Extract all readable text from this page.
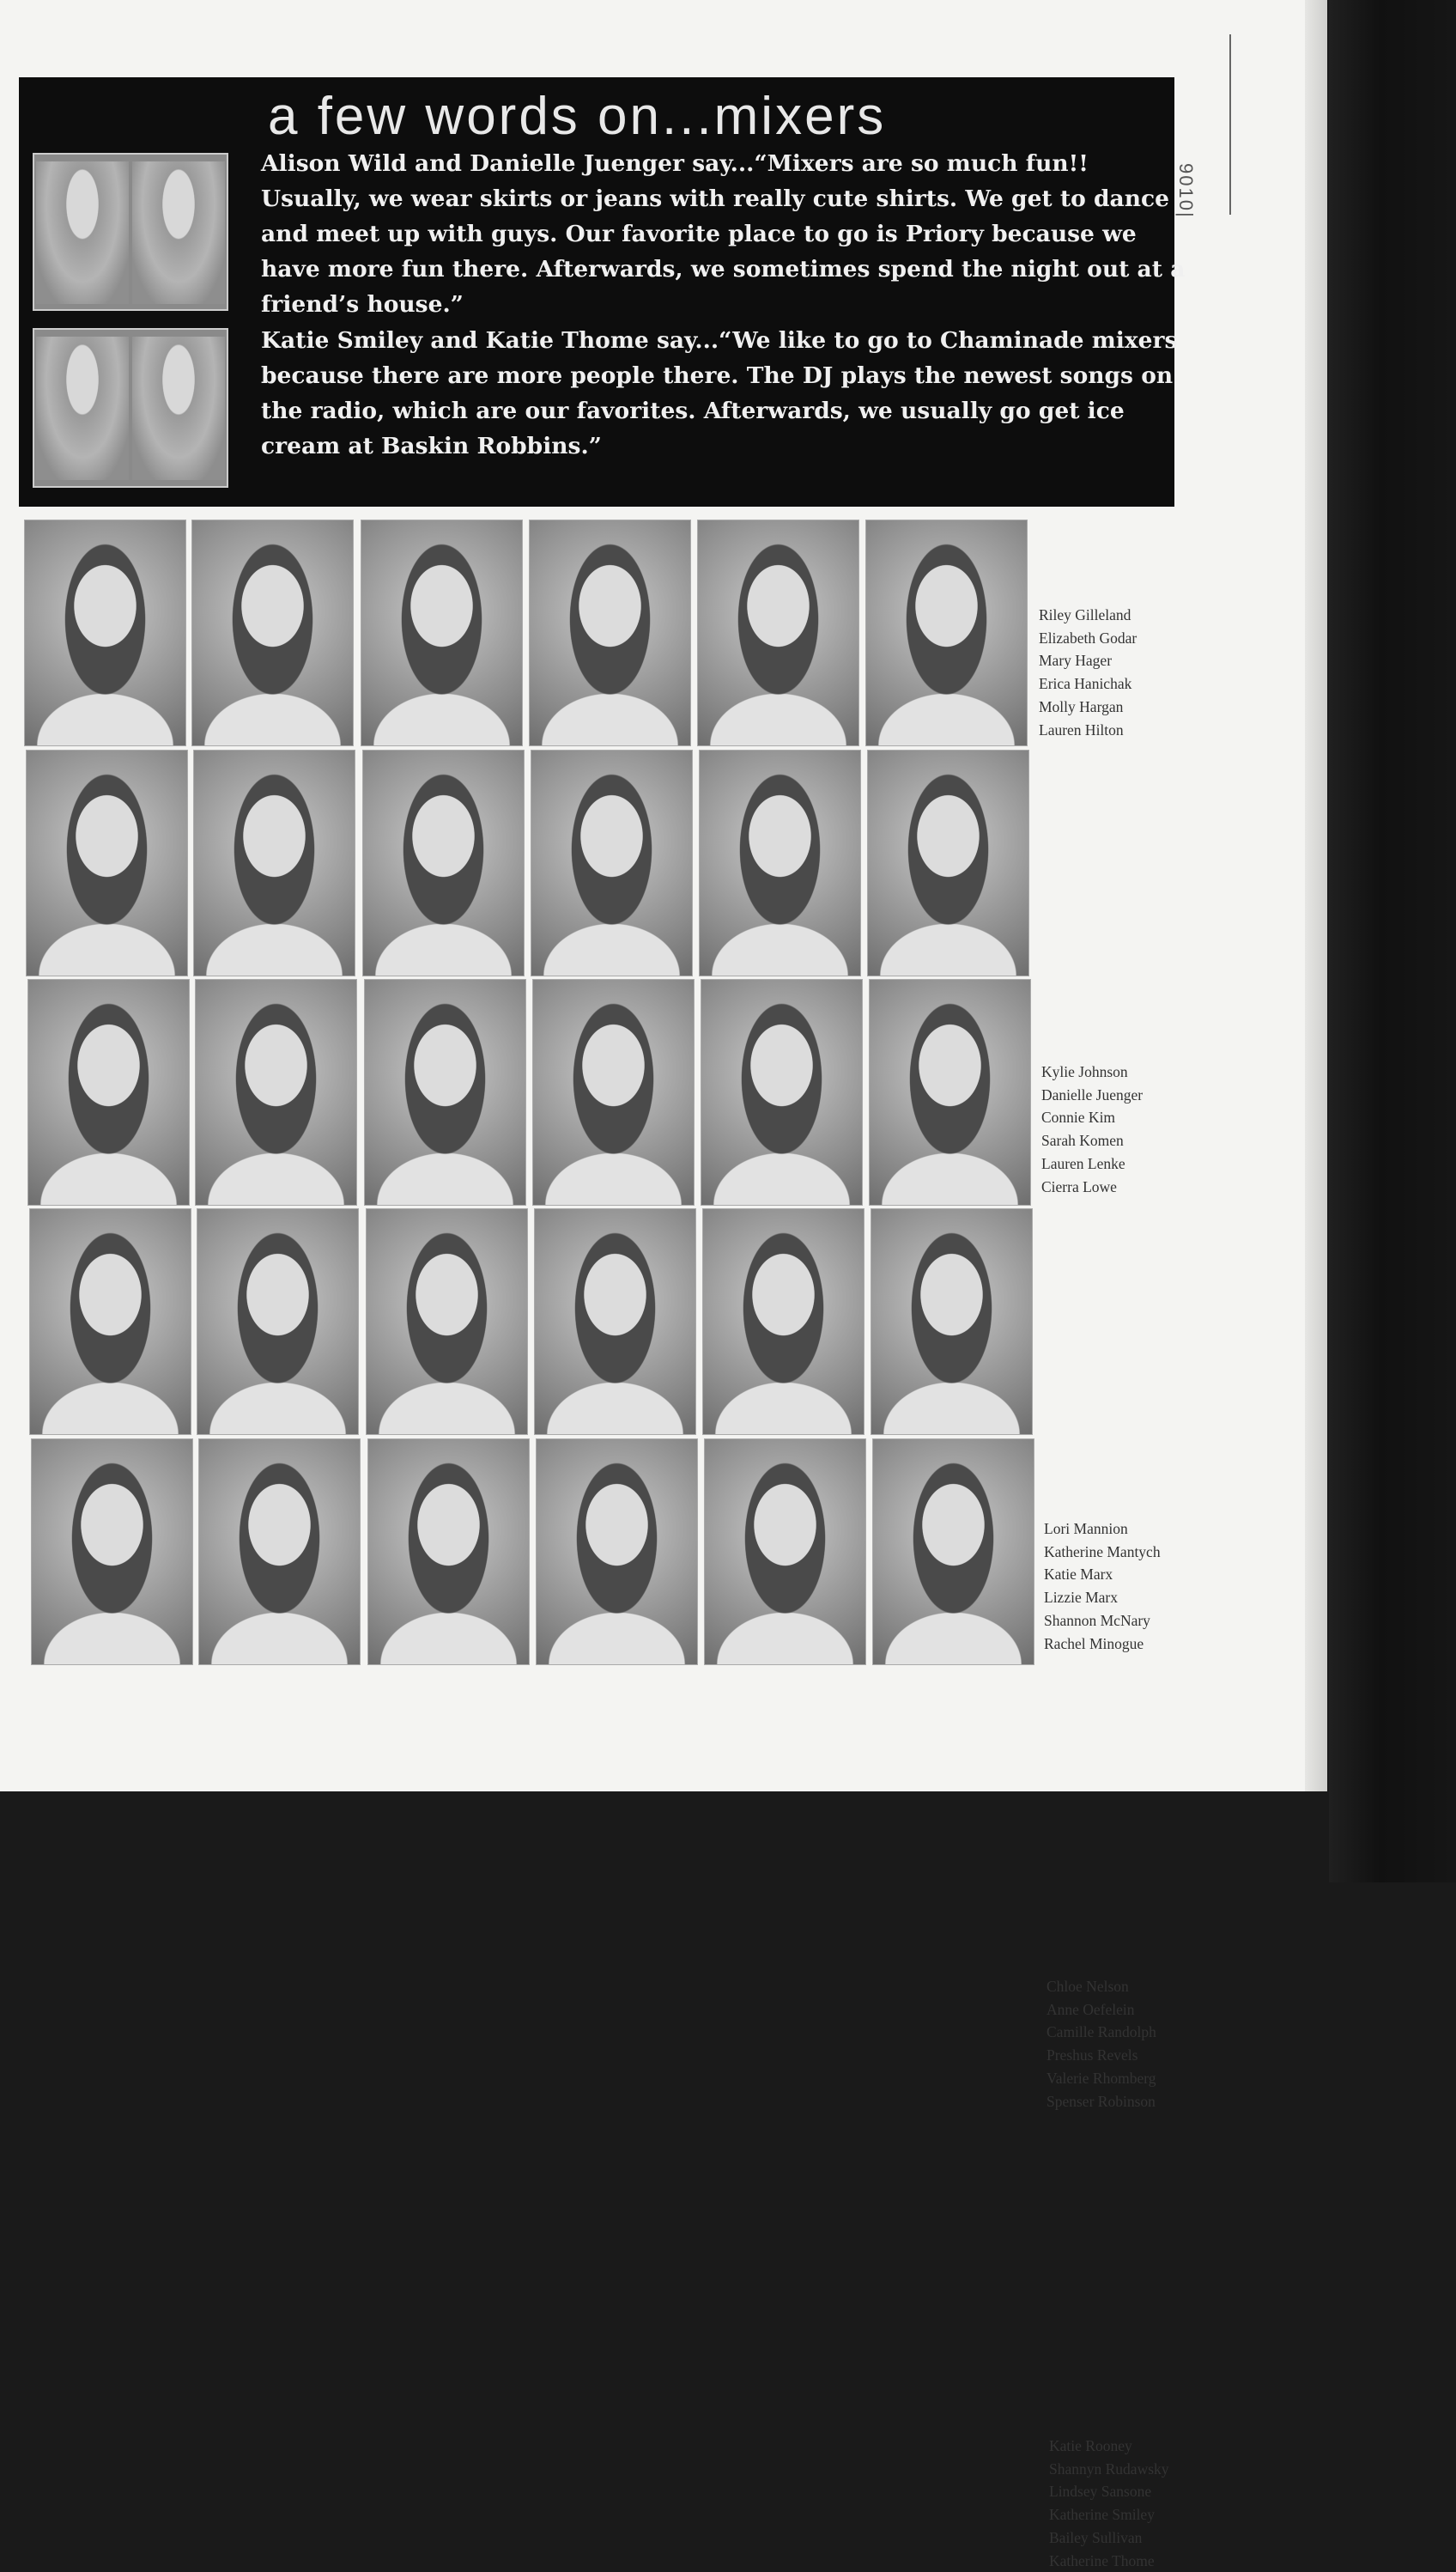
9010|
a few words on...mixers
Alison Wild and Danielle Juenger say...“Mixers are so much fun!! Usually, we wear skirts or jeans with really cute shirts. We get to dance and meet up with guys. Our favorite place to go is Priory because we have more fun there. Afterwards, we sometimes spend the night out at a friend’s house.”
Katie Smiley and Katie Thome say...“We like to go to Chaminade mixers because there are more people there. The DJ plays the newest songs on the radio, which are our favorites. Afterwards, we usually go get ice cream at Baskin Robbins.”
Riley Gilleland
Elizabeth Godar
Mary Hager
Erica Hanichak
Molly Hargan
Lauren Hilton
Kylie Johnson
Danielle Juenger
Connie Kim
Sarah Komen
Lauren Lenke
Cierra Lowe
Lori Mannion
Katherine Mantych
Katie Marx
Lizzie Marx
Shannon McNary
Rachel Minogue
Chloe Nelson
Anne Oefelein
Camille Randolph
Preshus Revels
Valerie Rhomberg
Spenser Robinson
Katie Rooney
Shannyn Rudawsky
Lindsey Sansone
Katherine Smiley
Bailey Sullivan
Katherine Thome
